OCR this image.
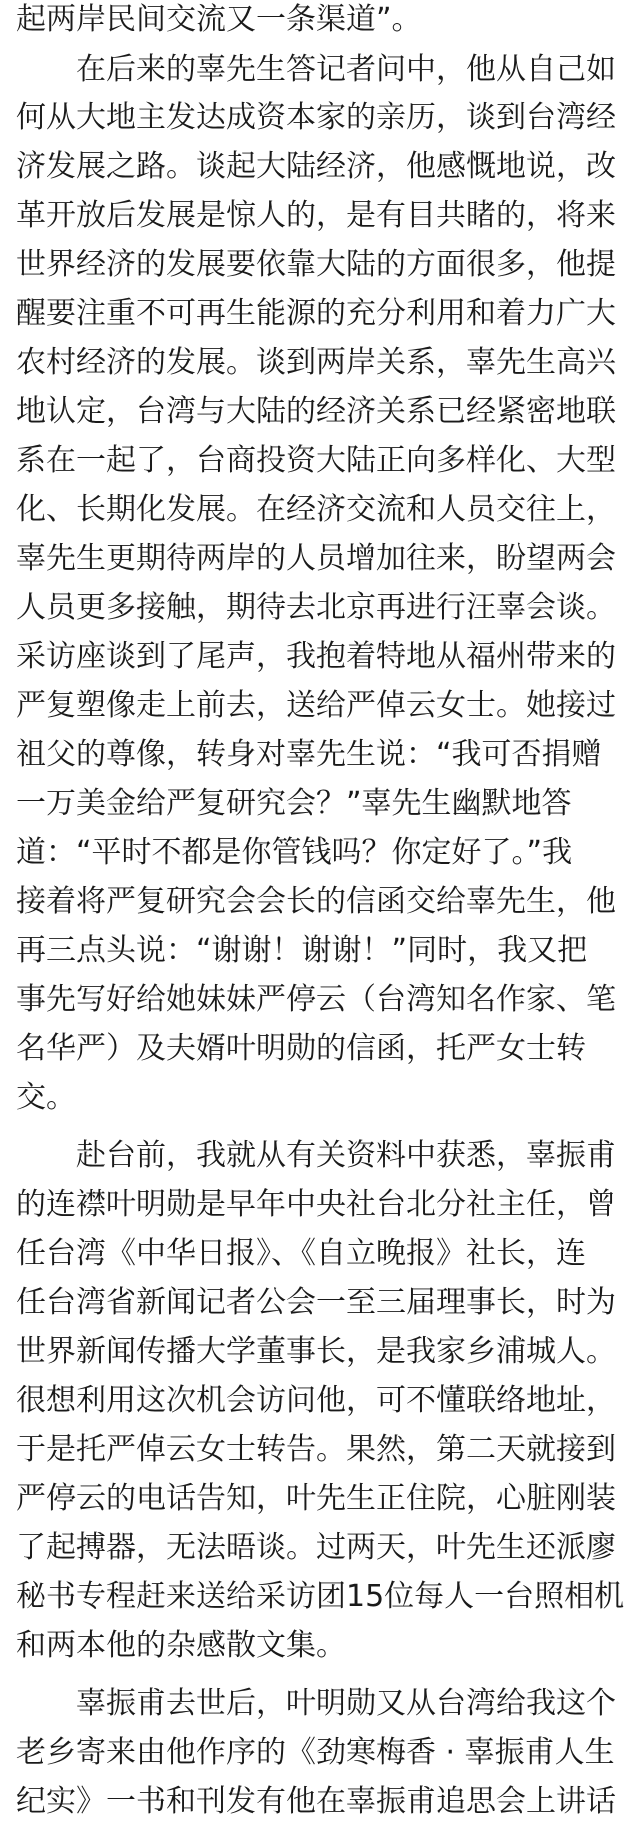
起两岸民间交流又一条渠道”。
在后来的辜先生答记者问中，他从自己如
何从大地主发达成资本家的亲历，谈到台湾经
济发展之路。谈起大陆经济，他感慨地说，改
革开放后发展是惊人的，是有目共睹的，将来
世界经济的发展要依靠大陆的方面很多，他提
醒要注重不可再生能源的充分利用和着力广大
农村经济的发展。谈到两岸关系，辜先生高兴
地认定，台湾与大陆的经济关系已经紧密地联
系在一起了，台商投资大陆正向多样化、大型
化、长期化发展。在经济交流和人员交往上，
辜先生更期待两岸的人员增加往来，盼望两会
人员更多接触，期待去北京再进行汪辜会谈。
采访座谈到了尾声，我抱着特地从福州带来的
严复塑像走上前去，送给严倬云女士。她接过
祖父的尊像，转身对辜先生说：“我可否捐赠
一万美金给严复研究会？”辜先生幽默地答
道：“平时不都是你管钱吗？你定好了。”我
接着将严复研究会会长的信函交给辜先生，他
再三点头说：“谢谢！谢谢！”同时，我又把
事先写好给她妹妹严停云（台湾知名作家、笔
名华严）及夫婿叶明勋的信函，托严女士转
交。
赴台前，我就从有关资料中获悉，辜振甫
的连襟叶明勋是早年中央社台北分社主任，曾
任台湾《中华日报》、《自立晚报》社长，连
任台湾省新闻记者公会一至三届理事长，时为
世界新闻传播大学董事长，是我家乡浦城人。
很想利用这次机会访问他，可不懂联络地址，
于是托严倬云女士转告。果然，第二天就接到
严停云的电话告知，叶先生正住院，心脏刚装
了起搏器，无法晤谈。过两天，叶先生还派廖
秘书专程赶来送给采访团15位每人一台照相机
和两本他的杂感散文集。
辜振甫去世后，叶明勋又从台湾给我这个
老乡寄来由他作序的《劲寒梅香 · 辜振甫人生
纪实》一书和刊发有他在辜振甫追思会上讲话
